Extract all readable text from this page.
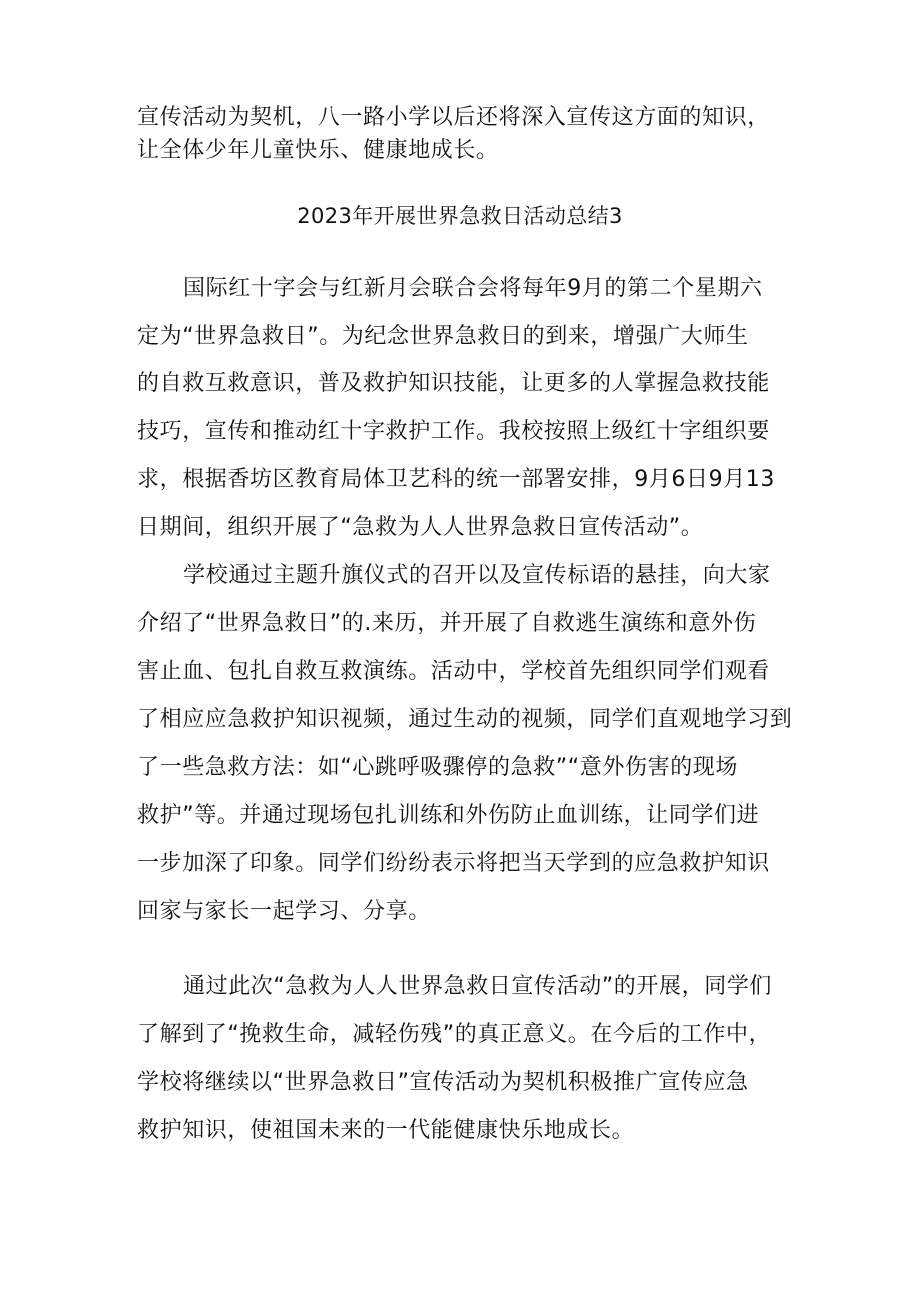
宣传活动为契机，八一路小学以后还将深入宣传这方面的知识，

让全体少年儿童快乐、健康地成长。

2023年开展世界急救日活动总结3

国际红十字会与红新月会联合会将每年9月的第二个星期六

定为“世界急救日”。为纪念世界急救日的到来，增强广大师生

的自救互救意识，普及救护知识技能，让更多的人掌握急救技能

技巧，宣传和推动红十字救护工作。我校按照上级红十字组织要

求，根据香坊区教育局体卫艺科的统一部署安排，9月6日9月13

日期间，组织开展了“急救为人人世界急救日宣传活动”。

学校通过主题升旗仪式的召开以及宣传标语的悬挂，向大家

介绍了“世界急救日”的.来历，并开展了自救逃生演练和意外伤

害止血、包扎自救互救演练。活动中，学校首先组织同学们观看

了相应应急救护知识视频，通过生动的视频，同学们直观地学习到

了一些急救方法：如“心跳呼吸骤停的急救”“意外伤害的现场

救护”等。并通过现场包扎训练和外伤防止血训练，让同学们进

一步加深了印象。同学们纷纷表示将把当天学到的应急救护知识

回家与家长一起学习、分享。

通过此次“急救为人人世界急救日宣传活动”的开展，同学们

了解到了“挽救生命，减轻伤残”的真正意义。在今后的工作中，

学校将继续以“世界急救日”宣传活动为契机积极推广宣传应急

救护知识，使祖国未来的一代能健康快乐地成长。
